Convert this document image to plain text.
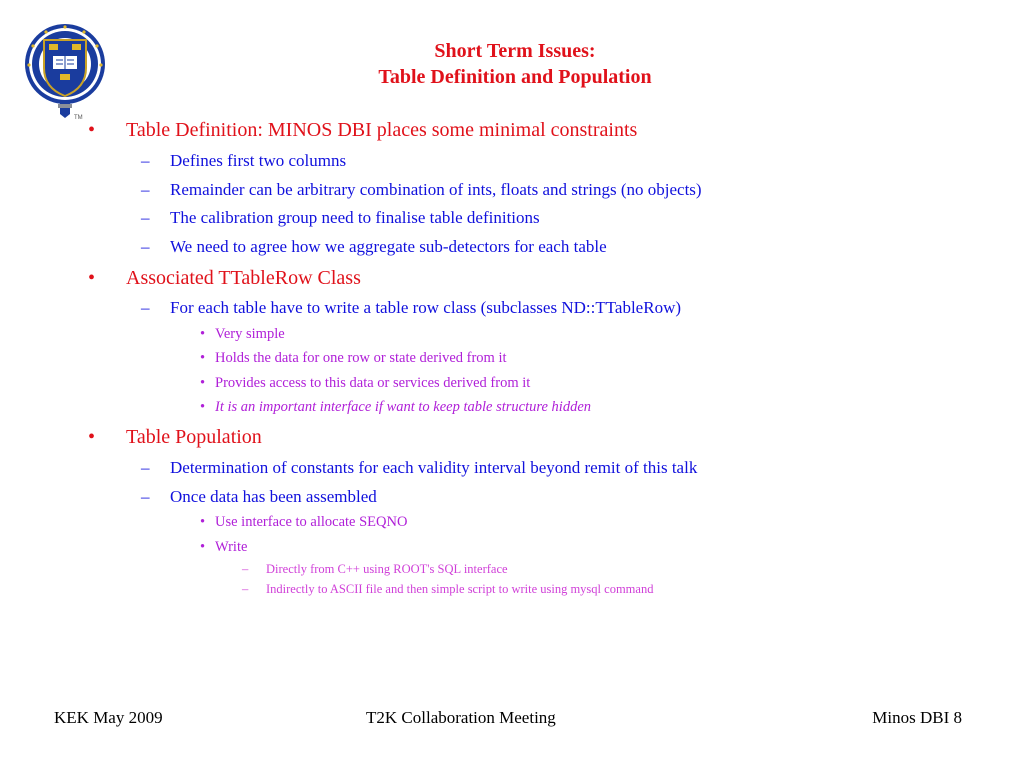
TM
Short Term Issues:
Table Definition and Population
• Table Definition: MINOS DBI places some minimal constraints
– Defines first two columns
– Remainder can be arbitrary combination of ints, floats and strings (no objects)
– The calibration group need to finalise table definitions
– We need to agree how we aggregate sub-detectors for each table
• Associated TTableRow Class
– For each table have to write a table row class (subclasses ND::TTableRow)
• Very simple
• Holds the data for one row or state derived from it
• Provides access to this data or services derived from it
• It is an important interface if want to keep table structure hidden
• Table Population
– Determination of constants for each validity interval beyond remit of this talk
– Once data has been assembled
• Use interface to allocate SEQNO
• Write
– Directly from C++ using ROOT's SQL interface
– Indirectly to ASCII file and then simple script to write using mysql command
KEK May 2009	T2K Collaboration Meeting	Minos DBI 8
